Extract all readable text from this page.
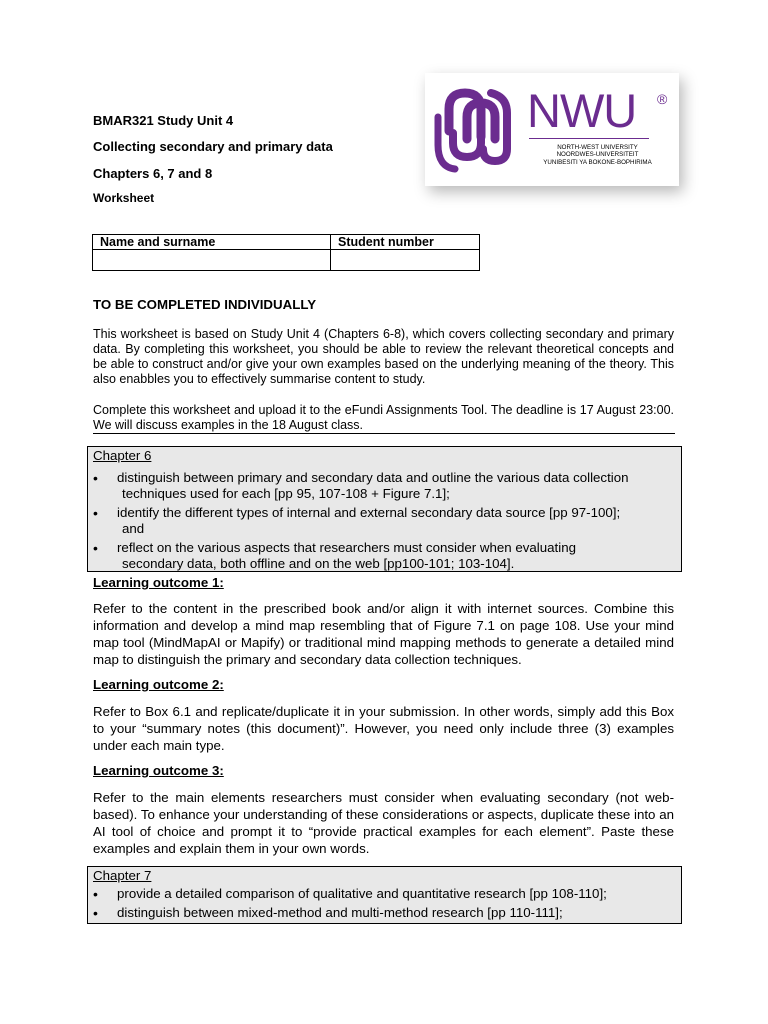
BMAR321 Study Unit 4
Collecting secondary and primary data
Chapters 6, 7 and 8
Worksheet
NWU ®
NORTH-WEST UNIVERSITY
NOORDWES-UNIVERSITEIT
YUNIBESITI YA BOKONE-BOPHIRIMA
Name and surname	Student number

TO BE COMPLETED INDIVIDUALLY
This worksheet is based on Study Unit 4 (Chapters 6-8), which covers collecting secondary and primary data. By completing this worksheet, you should be able to review the relevant theoretical concepts and be able to construct and/or give your own examples based on the underlying meaning of the theory. This also enabbles you to effectively summarise content to study.
Complete this worksheet and upload it to the eFundi Assignments Tool. The deadline is 17 August 23:00. We will discuss examples in the 18 August class.
Chapter 6
• distinguish between primary and secondary data and outline the various data collection
techniques used for each [pp 95, 107-108 + Figure 7.1];
• identify the different types of internal and external secondary data source [pp 97-100];
and
• reflect on the various aspects that researchers must consider when evaluating
secondary data, both offline and on the web [pp100-101; 103-104].
Learning outcome 1:
Refer to the content in the prescribed book and/or align it with internet sources. Combine this information and develop a mind map resembling that of Figure 7.1 on page 108. Use your mind map tool (MindMapAI or Mapify) or traditional mind mapping methods to generate a detailed mind map to distinguish the primary and secondary data collection techniques.
Learning outcome 2:
Refer to Box 6.1 and replicate/duplicate it in your submission. In other words, simply add this Box to your “summary notes (this document)”. However, you need only include three (3) examples under each main type.
Learning outcome 3:
Refer to the main elements researchers must consider when evaluating secondary (not web-based). To enhance your understanding of these considerations or aspects, duplicate these into an AI tool of choice and prompt it to “provide practical examples for each element”. Paste these examples and explain them in your own words.
Chapter 7
• provide a detailed comparison of qualitative and quantitative research [pp 108-110];
• distinguish between mixed-method and multi-method research [pp 110-111];
